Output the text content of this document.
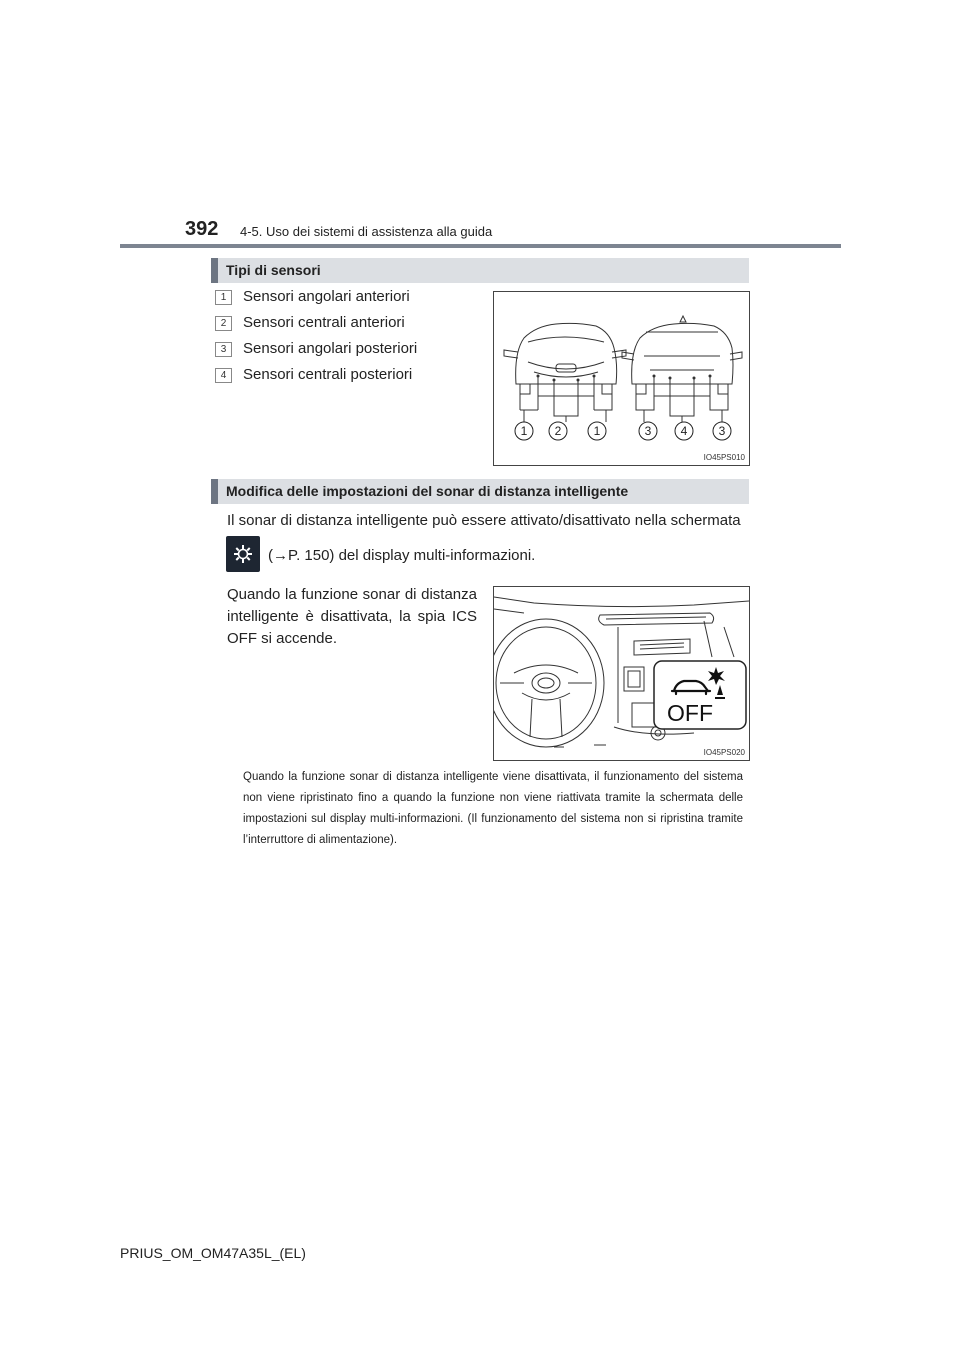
392 4-5. Uso dei sistemi di assistenza alla guida
Tipi di sensori
1	Sensori angolari anteriori
2	Sensori centrali anteriori
3	Sensori angolari posteriori
4	Sensori centrali posteriori
1 2	1	3 4	3
IO45PS010
Modifica delle impostazioni del sonar di distanza intelligente
Il sonar di distanza intelligente può essere attivato/disattivato nella schermata
(→P. 150) del display multi-informazioni.
Quando la funzione sonar di distanza intelligente è disattivata, la spia ICS OFF si accende.
OFF
IO45PS020
Quando la funzione sonar di distanza intelligente viene disattivata, il funzionamento del sistema non viene ripristinato fino a quando la funzione non viene riattivata tramite la schermata delle impostazioni sul display multi-informazioni. (Il funzionamento del sistema non si ripristina tramite l’interruttore di alimentazione).
PRIUS_OM_OM47A35L_(EL)
